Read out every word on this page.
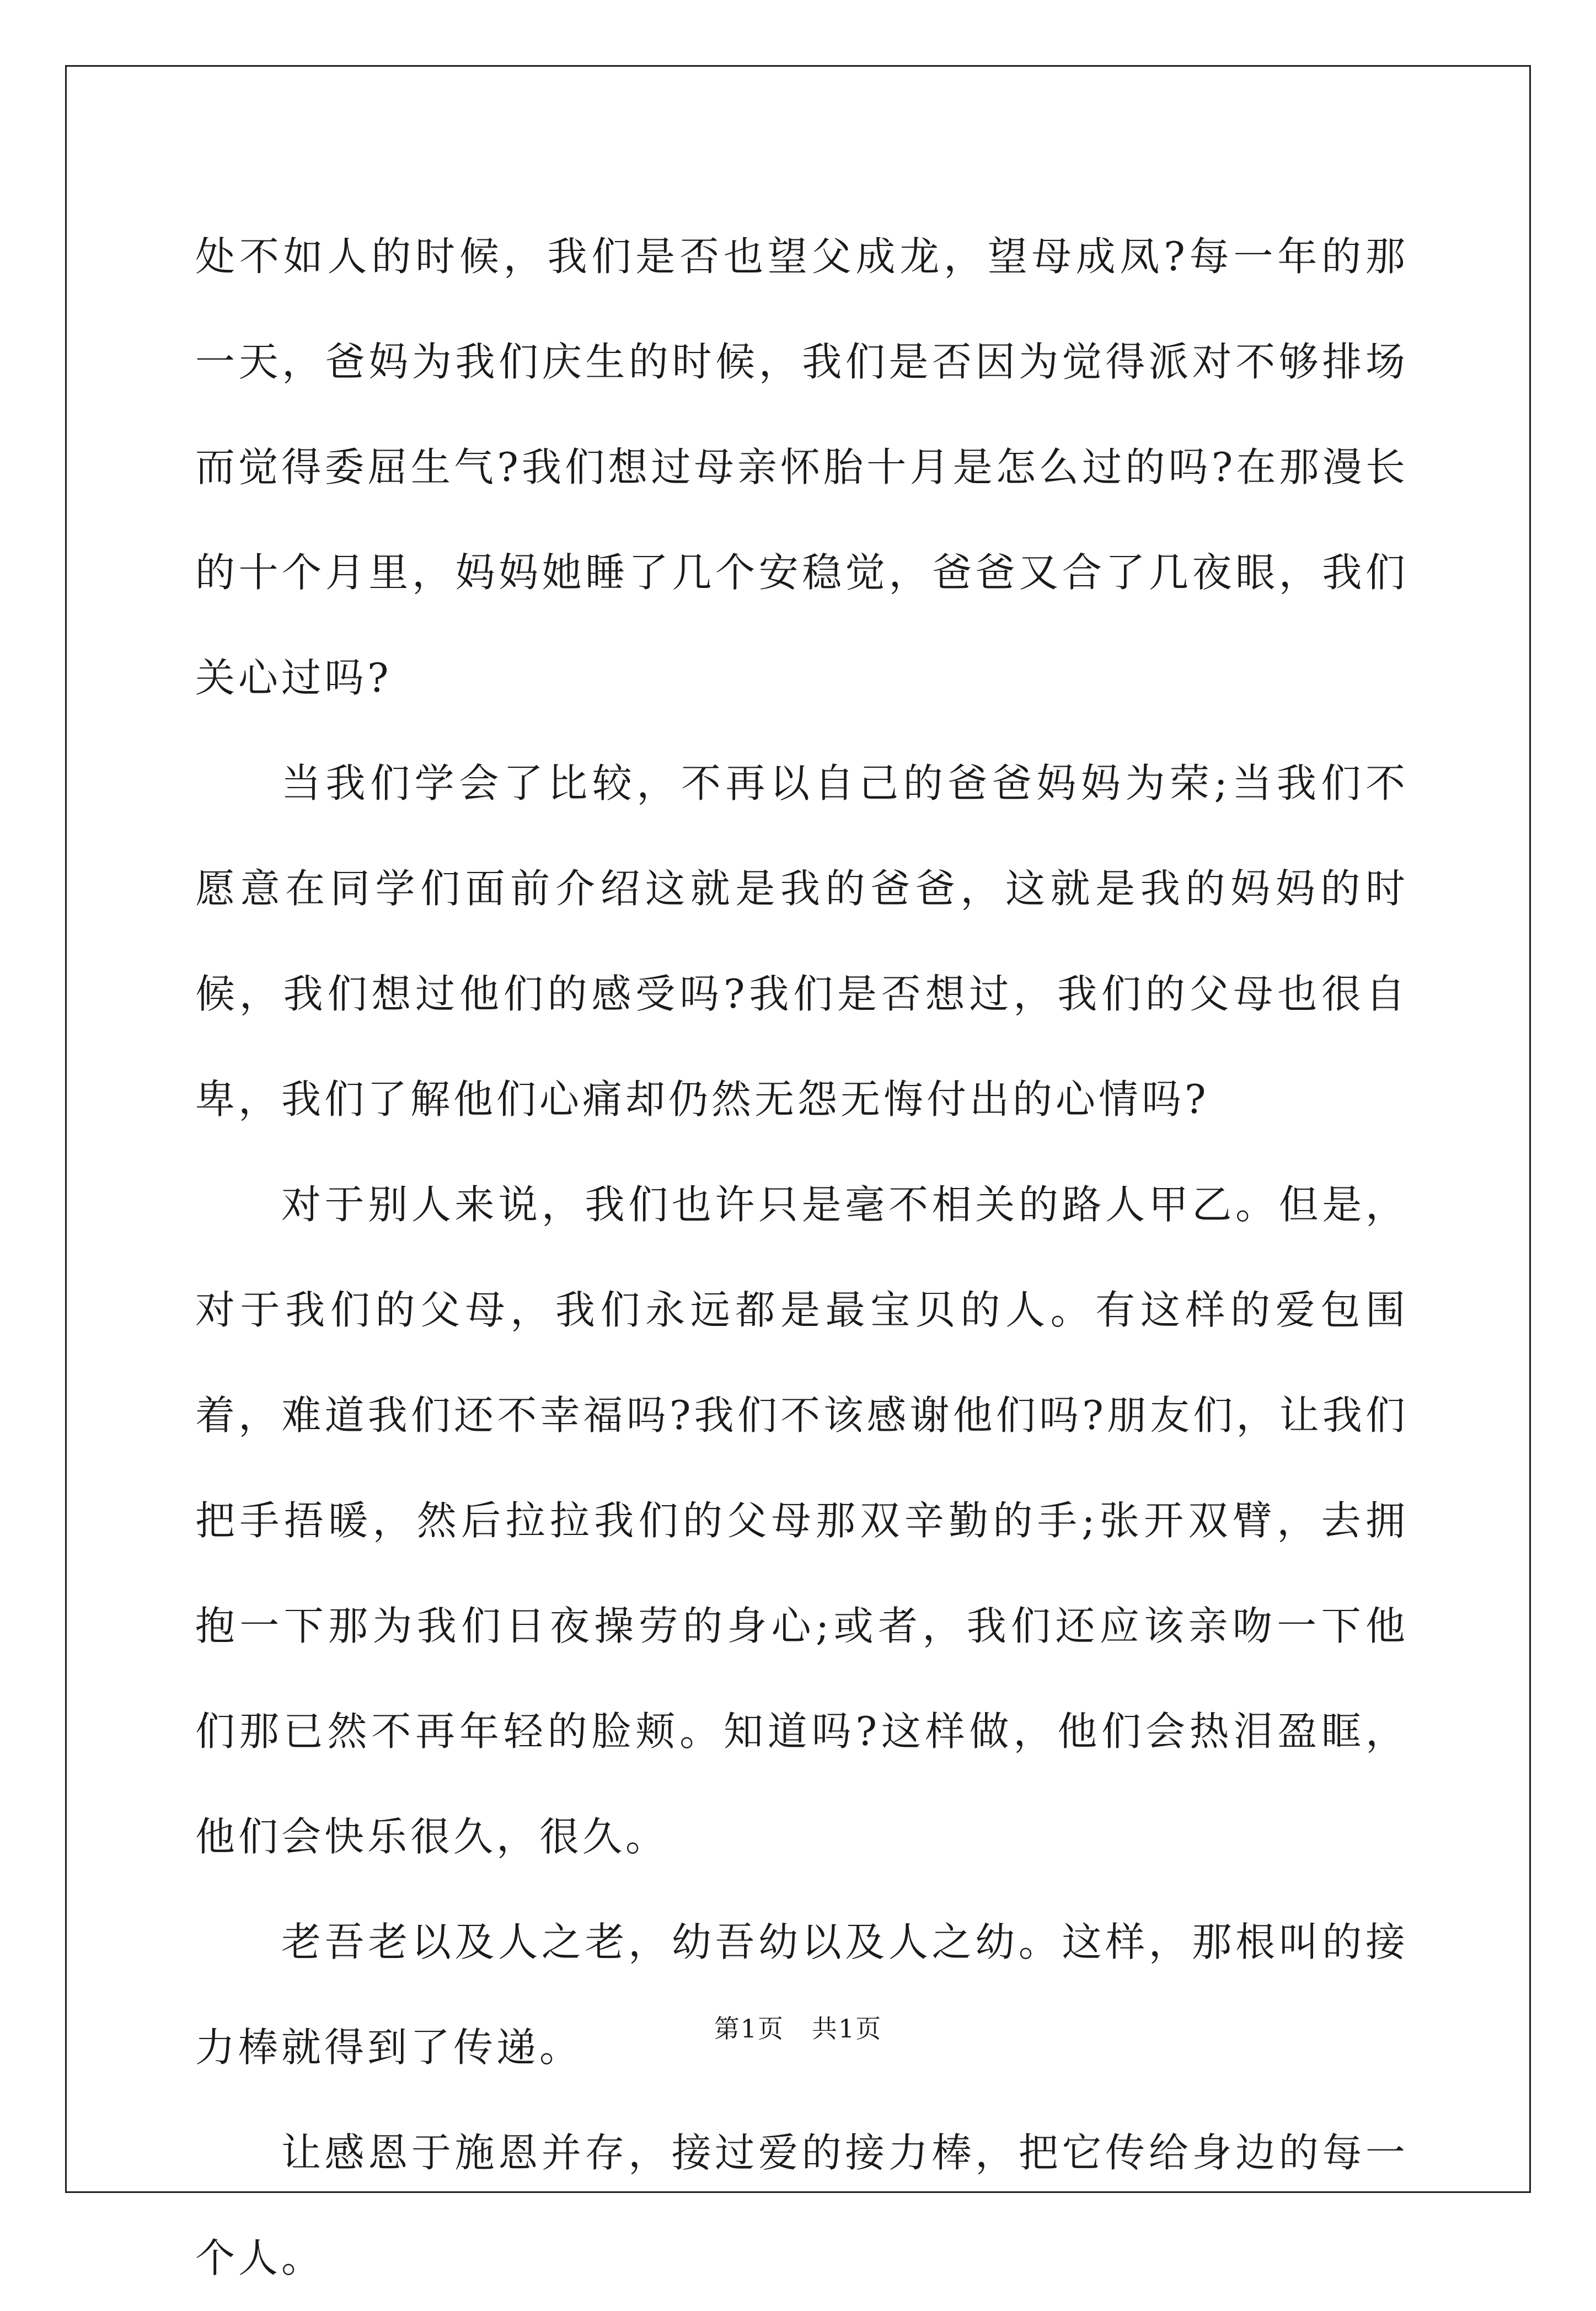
处不如人的时候，我们是否也望父成龙，望母成凤?每一年的那一天，爸妈为我们庆生的时候，我们是否因为觉得派对不够排场而觉得委屈生气?我们想过母亲怀胎十月是怎么过的吗?在那漫长的十个月里，妈妈她睡了几个安稳觉，爸爸又合了几夜眼，我们关心过吗?

当我们学会了比较，不再以自己的爸爸妈妈为荣;当我们不愿意在同学们面前介绍这就是我的爸爸，这就是我的妈妈的时候，我们想过他们的感受吗?我们是否想过，我们的父母也很自卑，我们了解他们心痛却仍然无怨无悔付出的心情吗?

对于别人来说，我们也许只是毫不相关的路人甲乙。但是，对于我们的父母，我们永远都是最宝贝的人。有这样的爱包围着，难道我们还不幸福吗?我们不该感谢他们吗?朋友们，让我们把手捂暖，然后拉拉我们的父母那双辛勤的手;张开双臂，去拥抱一下那为我们日夜操劳的身心;或者，我们还应该亲吻一下他们那已然不再年轻的脸颊。知道吗?这样做，他们会热泪盈眶，他们会快乐很久，很久。

老吾老以及人之老，幼吾幼以及人之幼。这样，那根叫的接力棒就得到了传递。

让感恩于施恩并存，接过爱的接力棒，把它传给身边的每一个人。

第1页 共1页
